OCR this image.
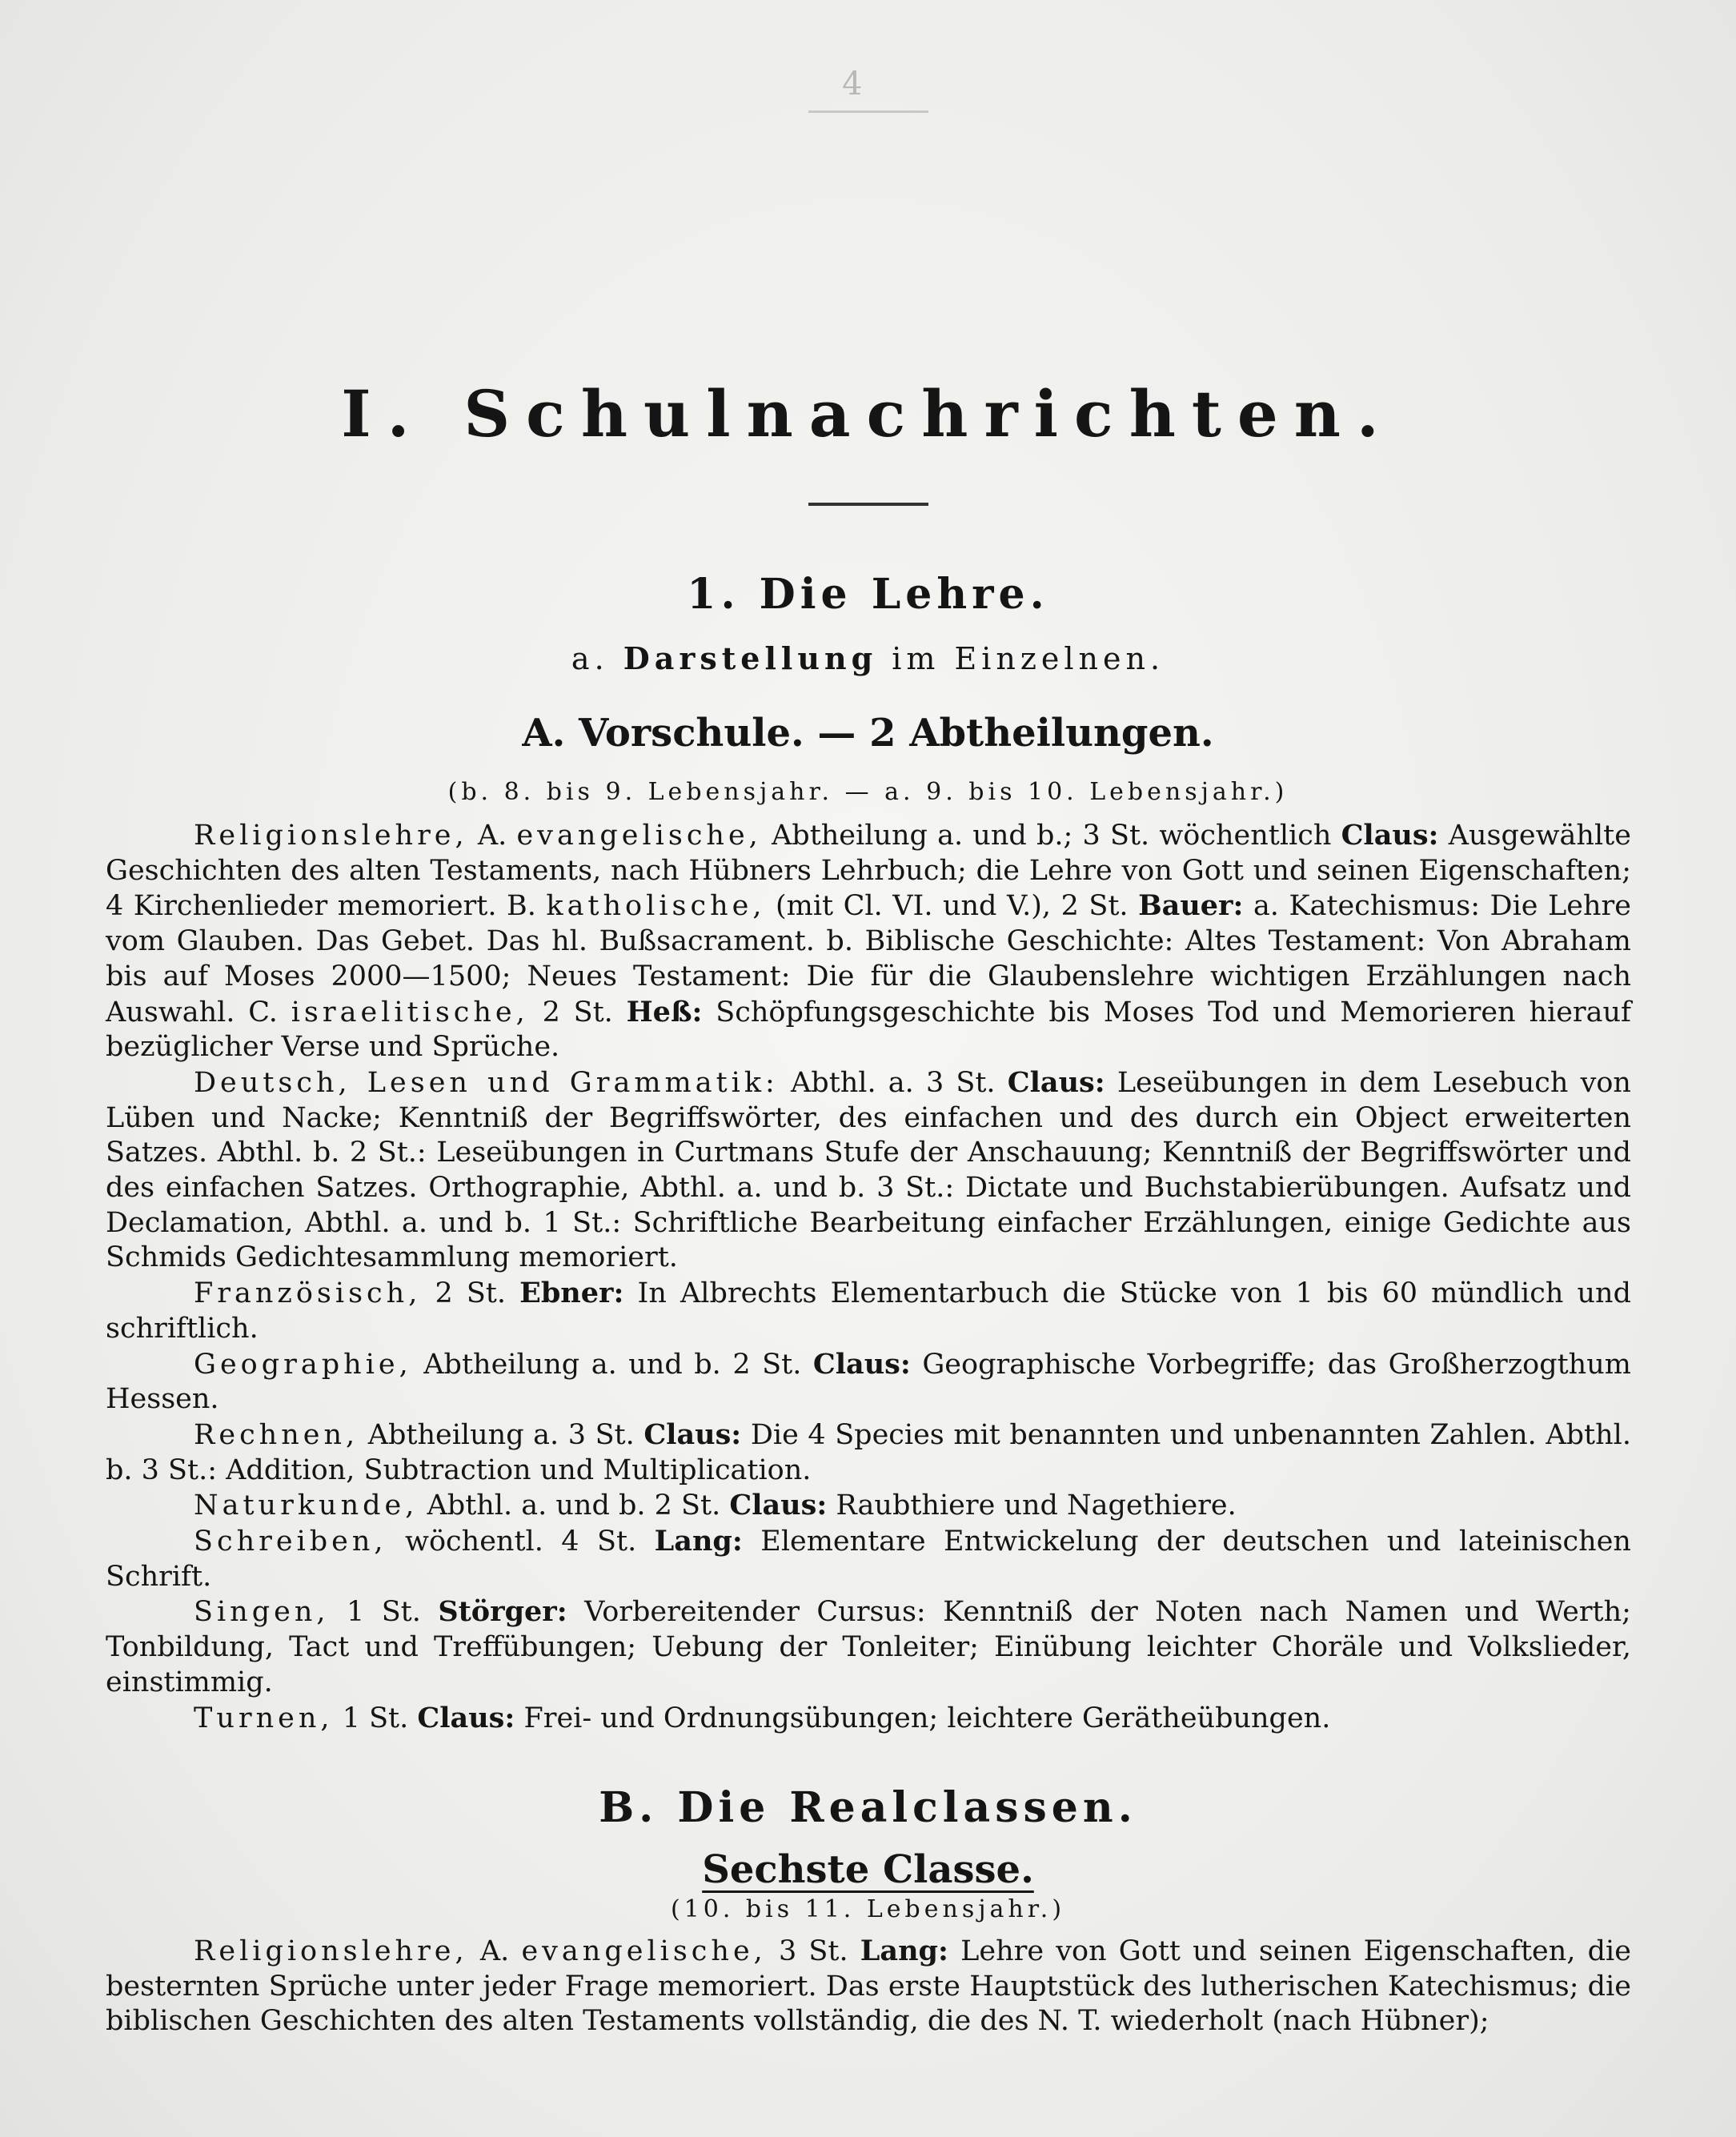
4
I. Schulnachrichten.
1. Die Lehre.
a. Darstellung im Einzelnen.
A. Vorschule. — 2 Abtheilungen.
(b. 8. bis 9. Lebensjahr. — a. 9. bis 10. Lebensjahr.)

Religionslehre, A. evangelische, Abtheilung a. und b.; 3 St. wöchentlich Claus: Ausgewählte Geschichten des alten Testaments, nach Hübners Lehrbuch; die Lehre von Gott und seinen Eigenschaften; 4 Kirchenlieder memoriert. B. katholische, (mit Cl. VI. und V.), 2 St. Bauer: a. Katechismus: Die Lehre vom Glauben. Das Gebet. Das hl. Bußsacrament. b. Biblische Geschichte: Altes Testament: Von Abraham bis auf Moses 2000—1500; Neues Testament: Die für die Glaubenslehre wichtigen Erzählungen nach Auswahl. C. israelitische, 2 St. Heß: Schöpfungsgeschichte bis Moses Tod und Memorieren hierauf bezüglicher Verse und Sprüche.

Deutsch, Lesen und Grammatik: Abthl. a. 3 St. Claus: Leseübungen in dem Lesebuch von Lüben und Nacke; Kenntniß der Begriffswörter, des einfachen und des durch ein Object erweiterten Satzes. Abthl. b. 2 St.: Leseübungen in Curtmans Stufe der Anschauung; Kenntniß der Begriffswörter und des einfachen Satzes. Orthographie, Abthl. a. und b. 3 St.: Dictate und Buchstabierübungen. Aufsatz und Declamation, Abthl. a. und b. 1 St.: Schriftliche Bearbeitung einfacher Erzählungen, einige Gedichte aus Schmids Gedichtesammlung memoriert.

Französisch, 2 St. Ebner: In Albrechts Elementarbuch die Stücke von 1 bis 60 mündlich und schriftlich.

Geographie, Abtheilung a. und b. 2 St. Claus: Geographische Vorbegriffe; das Großherzogthum Hessen.

Rechnen, Abtheilung a. 3 St. Claus: Die 4 Species mit benannten und unbenannten Zahlen. Abthl. b. 3 St.: Addition, Subtraction und Multiplication.

Naturkunde, Abthl. a. und b. 2 St. Claus: Raubthiere und Nagethiere.

Schreiben, wöchentl. 4 St. Lang: Elementare Entwickelung der deutschen und lateinischen Schrift.

Singen, 1 St. Störger: Vorbereitender Cursus: Kenntniß der Noten nach Namen und Werth; Tonbildung, Tact und Treffübungen; Uebung der Tonleiter; Einübung leichter Choräle und Volkslieder, einstimmig.

Turnen, 1 St. Claus: Frei- und Ordnungsübungen; leichtere Geräthеübungen.

B. Die Realclassen.
Sechste Classe.
(10. bis 11. Lebensjahr.)

Religionslehre, A. evangelische, 3 St. Lang: Lehre von Gott und seinen Eigenschaften, die besterntеn Sprüche unter jeder Frage memoriert. Das erste Hauptstück des lutherischen Katechismus; die biblischen Geschichten des alten Testaments vollständig, die des N. T. wiederholt (nach Hübner);
